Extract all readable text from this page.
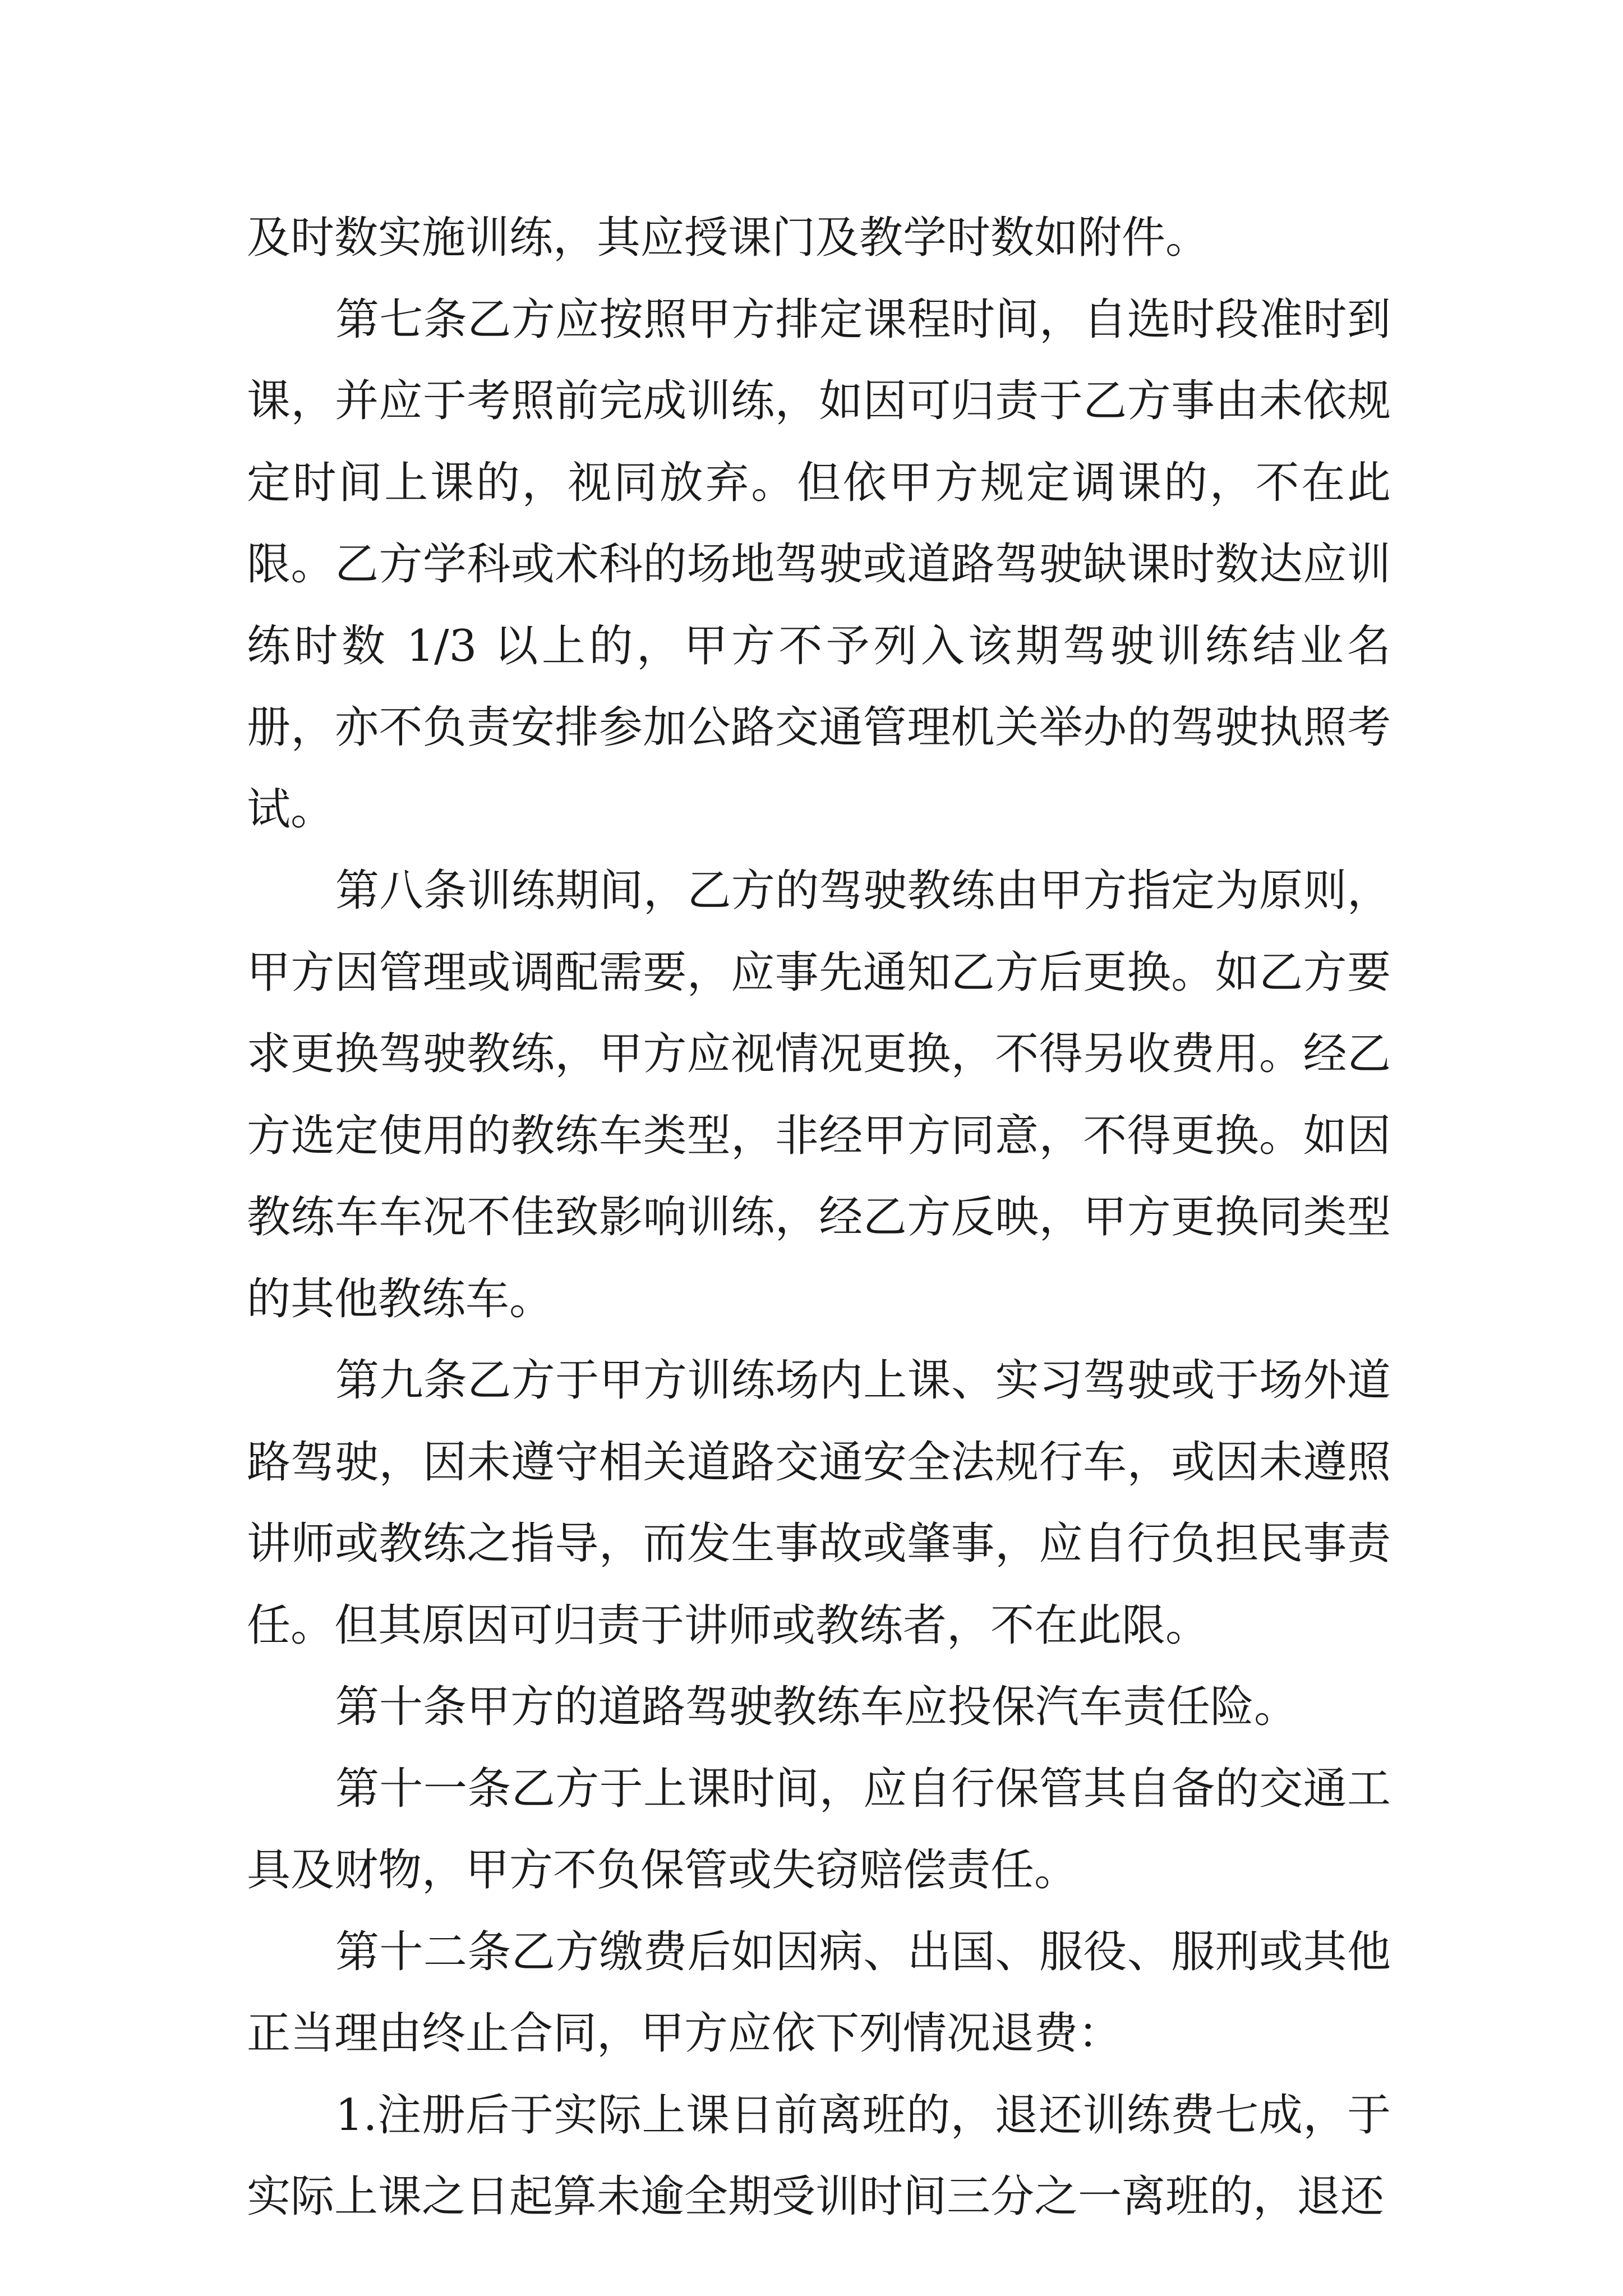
及时数实施训练，其应授课门及教学时数如附件。

第七条乙方应按照甲方排定课程时间，自选时段准时到课，并应于考照前完成训练，如因可归责于乙方事由未依规定时间上课的，视同放弃。但依甲方规定调课的，不在此限。乙方学科或术科的场地驾驶或道路驾驶缺课时数达应训练时数 1/3 以上的，甲方不予列入该期驾驶训练结业名册，亦不负责安排参加公路交通管理机关举办的驾驶执照考试。

第八条训练期间，乙方的驾驶教练由甲方指定为原则，甲方因管理或调配需要，应事先通知乙方后更换。如乙方要求更换驾驶教练，甲方应视情况更换，不得另收费用。经乙方选定使用的教练车类型，非经甲方同意，不得更换。如因教练车车况不佳致影响训练，经乙方反映，甲方更换同类型的其他教练车。

第九条乙方于甲方训练场内上课、实习驾驶或于场外道路驾驶，因未遵守相关道路交通安全法规行车，或因未遵照讲师或教练之指导，而发生事故或肇事，应自行负担民事责任。但其原因可归责于讲师或教练者，不在此限。

第十条甲方的道路驾驶教练车应投保汽车责任险。

第十一条乙方于上课时间，应自行保管其自备的交通工具及财物，甲方不负保管或失窃赔偿责任。

第十二条乙方缴费后如因病、出国、服役、服刑或其他正当理由终止合同，甲方应依下列情况退费：

1.注册后于实际上课日前离班的，退还训练费七成，于实际上课之日起算未逾全期受训时间三分之一离班的，退还
